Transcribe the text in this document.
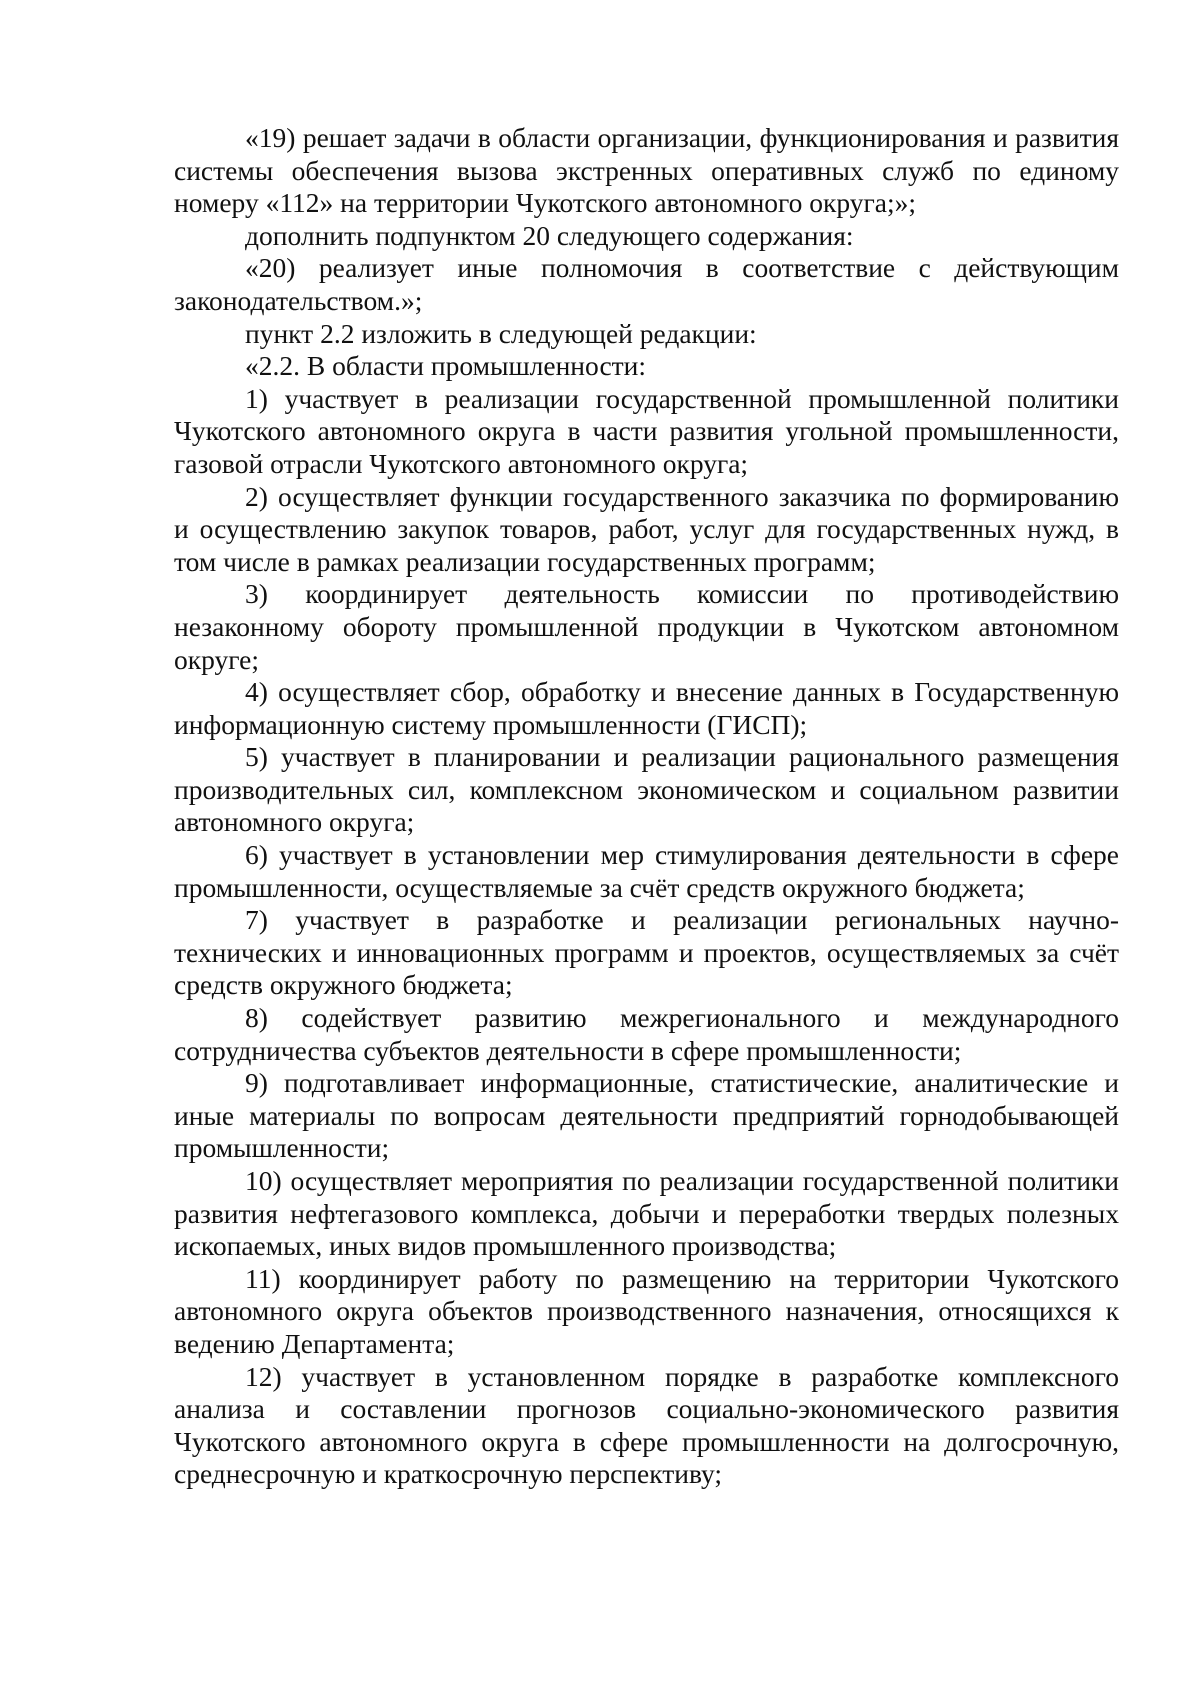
«19) решает задачи в области организации, функционирования и развития системы обеспечения вызова экстренных оперативных служб по единому номеру «112» на территории Чукотского автономного округа;»;

дополнить подпунктом 20 следующего содержания:

«20) реализует иные полномочия в соответствие с действующим законодательством.»;

пункт 2.2 изложить в следующей редакции:

«2.2. В области промышленности:

1) участвует в реализации государственной промышленной политики Чукотского автономного округа в части развития угольной промышленности, газовой отрасли Чукотского автономного округа;

2) осуществляет функции государственного заказчика по формированию и осуществлению закупок товаров, работ, услуг для государственных нужд, в том числе в рамках реализации государственных программ;

3) координирует деятельность комиссии по противодействию незаконному обороту промышленной продукции в Чукотском автономном округе;

4) осуществляет сбор, обработку и внесение данных в Государственную информационную систему промышленности (ГИСП);

5) участвует в планировании и реализации рационального размещения производительных сил, комплексном экономическом и социальном развитии автономного округа;

6) участвует в установлении мер стимулирования деятельности в сфере промышленности, осуществляемые за счёт средств окружного бюджета;

7) участвует в разработке и реализации региональных научно-технических и инновационных программ и проектов, осуществляемых за счёт средств окружного бюджета;

8) содействует развитию межрегионального и международного сотрудничества субъектов деятельности в сфере промышленности;

9) подготавливает информационные, статистические, аналитические и иные материалы по вопросам деятельности предприятий горнодобывающей промышленности;

10) осуществляет мероприятия по реализации государственной политики развития нефтегазового комплекса, добычи и переработки твердых полезных ископаемых, иных видов промышленного производства;

11) координирует работу по размещению на территории Чукотского автономного округа объектов производственного назначения, относящихся к ведению Департамента;

12) участвует в установленном порядке в разработке комплексного анализа и составлении прогнозов социально-экономического развития Чукотского автономного округа в сфере промышленности на долгосрочную, среднесрочную и краткосрочную перспективу;
